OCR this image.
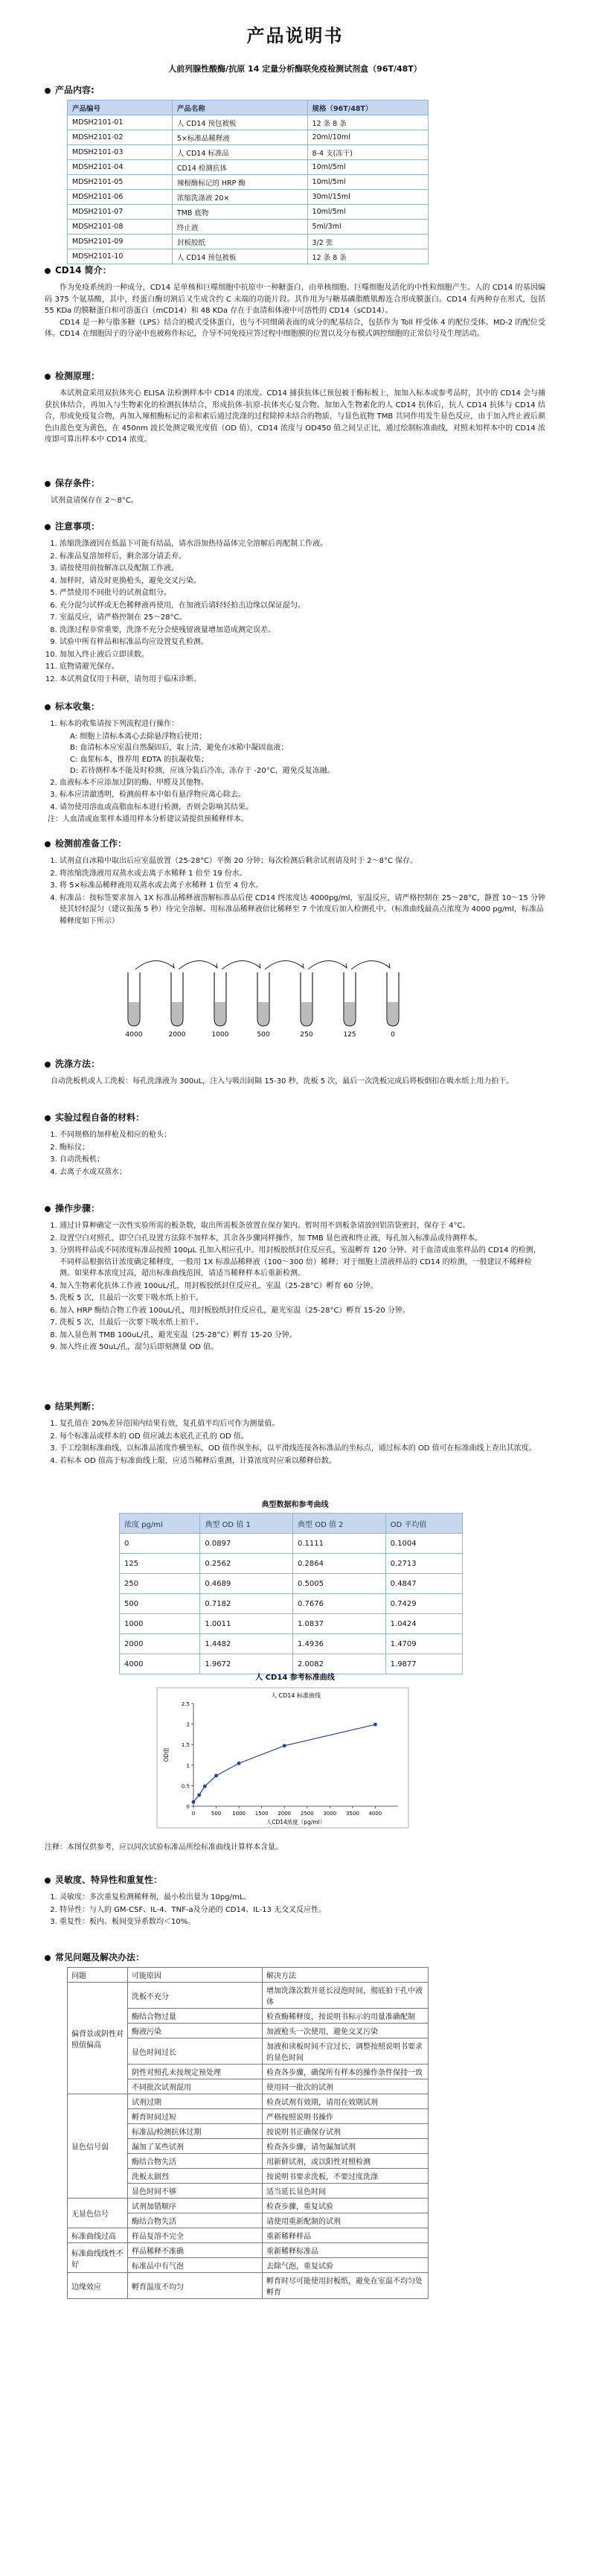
产品说明书
人前列腺性酸酶/抗原 14 定量分析酶联免疫检测试剂盒（96T/48T）

产品内容:

产品编号	产品名称	规格（96T/48T）
MDSH2101-01	人 CD14 预包被板	12 条 8 条
MDSH2101-02	5×标准品稀释液	20ml/10ml
MDSH2101-03	人 CD14 标准品	8-4 支(冻干)
MDSH2101-04	CD14 检测抗体	10ml/5ml
MDSH2101-05	辣根酶标记的 HRP 酶	10ml/5ml
MDSH2101-06	浓缩洗涤液 20×	30ml/15ml
MDSH2101-07	TMB 底物	10ml/5ml
MDSH2101-08	终止液	5ml/3ml
MDSH2101-09	封板胶纸	3/2 张
MDSH2101-10	人 CD14 预包被板	12 条 8 条

CD14 简介：

作为免疫系统的一种成分，CD14 是单核和巨噬细胞中抗原中一种糖蛋白，由单核细胞、巨噬细胞及活化的中性粒细胞产生。人的 CD14 的基因编码 375 个氨基酸，其中，经蛋白酶切割后又生成含约 C 末端的功能片段。其作用为与糖基磷脂酰肌醇连合形成膜蛋白。CD14 有两种存在形式，包括 55 KDa 的膜糖蛋白和可溶蛋白（mCD14）和 48 KDa 存在于血清和体液中可溶性的 CD14（sCD14）。

CD14 是一种与脂多糖（LPS）结合的模式受体蛋白，也与不同细菌表面的成分的配基结合，包括作为 Toll 样受体 4 的配位受体、MD-2 的配位受体。CD14 在细胞因子的分泌中也被称作标记，介导不同免疫应答过程中细胞膜的位置以及分布模式调控细胞的正常信号及生理活动。

检测原理：

本试剂盒采用双抗体夹心 ELISA 法检测样本中 CD14 的浓度。CD14 捕获抗体已预包被于酶标板上，加加入标本或参考品时，其中的 CD14 会与捕获抗体结合，再加入与生物素化的检测抗体结合，形成抗体-抗原-抗体夹心复合物。加加入生物素化的人 CD14 抗体后，抗人 CD14 抗体与 CD14 结合，形成免疫复合物，再加入辣根酶标记的亲和素后通过洗涤的过程除掉未结合的物质，与显色底物 TMB 共同作用发生显色反应，由于加入终止液后颜色由蓝色变为黄色，在 450nm 波长处测定吸光度值（OD 值），CD14 浓度与 OD450 值之间呈正比，通过绘制标准曲线，对照未知样本中的 CD14 浓度即可算出样本中 CD14 浓度。

保存条件：

试剂盒请保存在 2～8°C。

注意事项：

1. 浓缩洗涤液因在低温下可能有结晶，请水浴加热待晶体完全溶解后再配制工作液。
2. 标准品复溶加样后，剩余部分请丢弃。
3. 请按使用前按解冻以及配制工作液。
4. 加样时，请及时更换枪头，避免交叉污染。
5. 严禁使用不同批号的试剂盒组分。
6. 充分混匀试样或无色稀释液再使用，在加液后请轻轻拍击边缘以保证混匀。
7. 室温反应，请严格控制在 25～28°C。
8. 洗涤过程非常重要，洗涤不充分会使残留液量增加造成测定误差。
9. 试验中所有样品和标准品均应设置复孔检测。
10. 加加入终止液后立即读数。
11. 底物请避光保存。
12. 本试剂盒仅用于科研，请勿用于临床诊断。

标本收集：

1. 标本的收集请按下列流程进行操作：
A: 细胞上清标本离心去除悬浮物后使用；
B: 血清标本应室温自然凝固后，取上清，避免在冰箱中凝固血液；
C: 血浆标本，推荐用 EDTA 的抗凝收集；
D: 若待测样本不能及时检测，应该分装后冷冻，冻存于 -20°C，避免反复冻融。
2. 血液标本不应添加过阴的酶、甲醛及其他物。
3. 标本应清澈透明，检测前样本中如有悬浮物应离心除去。
4. 请勿使用溶血或高脂血标本进行检测，否则会影响其结果。

注：人血清或血浆样本通用样本分析建议请提供预稀释样本。

检测前准备工作：

1. 试剂盒自冰箱中取出后应室温放置（25-28°C）平衡 20 分钟；每次检测后剩余试剂请及时于 2～8°C 保存。
2. 将浓缩洗涤液用双蒸水或去离子水稀释 1 倍至 19 份水。
3. 将 5×标准品稀释液用双蒸水或去离子水稀释 1 倍至 4 份水。
4. 标准品：按标签要求加入 1X 标准品稀释液溶解标准品后使 CD14 终浓度达 4000pg/ml，室温反应，请严格控制在 25～28°C，静置 10～15 分钟使其轻轻混匀（建议振荡 5 秒）待完全溶解。用标准品稀释液倍比稀释至 7 个浓度后加入检测孔中。（标准曲线最高点浓度为 4000 pg/ml，标准品稀释度如下所示）
4000	2000	1000	500	250	125	0

洗涤方法：

自动洗板机或人工洗板：每孔洗涤液为 300uL，注入与吸出间隔 15-30 秒，洗板 5 次，最后一次洗板完成后将板倒扣在吸水纸上用力拍干。

实验过程自备的材料：

1. 不同规格的加样枪及相应的枪头；
2. 酶标仪；
3. 自动洗板机；
4. 去离子水或双蒸水；

操作步骤：

1. 通过计算种确定一次性实验所需的板条数，取出所需板条放置在保存架内。暂时用不到板条请放回铝箔袋密封，保存于 4°C。
2. 设置空白对照孔，即空白孔设置方法除不加样本，其余各步骤同样操作，加 TMB 显色液和终止液，每孔加入标准品或待测样本。
3. 分别将样品或不同浓度标准品按照 100μL 孔加入相应孔中。用封板胶纸封住反应孔，室温孵育 120 分钟。对于血清或血浆样品的 CD14 的检测，不同样品根据估计浓度确定稀释度，一般用 1X 标准品稀释液（100～300 倍）稀释；对于细胞上清液样品的 CD14 的检测，一般建议不稀释检测。如果样本浓度过高，超出标准曲线范围，请适当稀释样本后重新检测。
4. 加入生物素化抗体工作液 100uL/孔，用封板胶纸封住反应孔，室温（25-28°C）孵育 60 分钟。
5. 洗板 5 次，且最后一次要下吸水纸上拍干。
6. 加入 HRP 酶结合物工作液 100uL/孔，用封板胶纸封住反应孔，避光室温（25-28°C）孵育 15-20 分钟。
7. 洗板 5 次，且最后一次要下吸水纸上拍干。
8. 加入显色剂 TMB 100uL/孔，避光室温（25-28°C）孵育 15-20 分钟。
9. 加入终止液 50uL/孔，混匀后即刻测量 OD 值。

结果判断：

1. 复孔值在 20%差异范围内结果有效，复孔值平均后可作为测量值。
2. 每个标准品或样本的 OD 值应减去本底孔正孔的 OD 值。
3. 手工绘制标准曲线，以标准品浓度作横坐标，OD 值作纵坐标，以平滑线连接各标准品的坐标点，通过标本的 OD 值可在标准曲线上查出其浓度。
4. 若标本 OD 值高于标准曲线上限，应适当稀释后重测，计算浓度时应乘以稀释倍数。
典型数据和参考曲线
浓度 pg/ml	典型 OD 值 1	典型 OD 值 2	OD 平均值
0	0.0897	0.1111	0.1004
125	0.2562	0.2864	0.2713
250	0.4689	0.5005	0.4847
500	0.7182	0.7676	0.7429
1000	1.0011	1.0837	1.0424
2000	1.4482	1.4936	1.4709
4000	1.9672	2.0082	1.9877
人 CD14 参考标准曲线
人 CD14 标准曲线
0
0.5
1
1.5
2
2.5
0	500 1000 1500 2000 2500 3000 3500 4000
人CD14浓度（pg/ml）
OD值

注释：本图仅供参考，应以同次试验标准品所绘标准曲线计算样本含量。

灵敏度、特异性和重复性：

1. 灵敏度：多次重复检测稀释剂，最小检出量为 10pg/mL。
2. 特异性：与人的 GM-CSF、IL-4、TNF-a及分泌的 CD14、IL-13 无交叉反应性。
3. 重复性：板内、板间变异系数均＜10%。

常见问题及解决办法：

问题	可能原因	解决方法
偏背景或阴性对照值偏高	洗板不充分	增加洗涤次数并延长浸泡时间，彻底拍干孔中液体
	酶结合物过量	检查酶稀释度，按说明书标示的用量准确配制
	酶液污染	加液枪头一次使用，避免交叉污染
	显色时间过长	加液和读板时间不宜过长，调整按照说明书要求的显色时间
	阴性对照孔未按规定预处理	检查各步骤，确保所有样本的操作条件保持一致
	不同批次试剂混用	使用同一批次的试剂
显色信号弱	试剂过期	检查试剂有效期，请用在效期试剂
	孵育时间过短	严格按照说明书操作
	标准品/检测抗体过期	按说明书正确保存试剂
	漏加了某些试剂	检查各步骤，请勿漏加试剂
	酶结合物失活	用新鲜试剂，或以阳性对照检测
	洗板太剧烈	按说明书要求洗板，不要过度洗涤
	显色时间不够	适当延长显色时间
无显色信号	试剂加错顺序	检查步骤，重复试验
	酶结合物失活	请使用重新配制的试剂
标准曲线过高	样品复溶不完全	重新稀释样品
标准曲线线性不好	样品稀释不准确	重新稀释标准品
	标准品中有气泡	去除气泡，重复试验
边缘效应	孵育温度不均匀	孵育时尽可能使用封板纸，避免在室温不均匀处孵育
